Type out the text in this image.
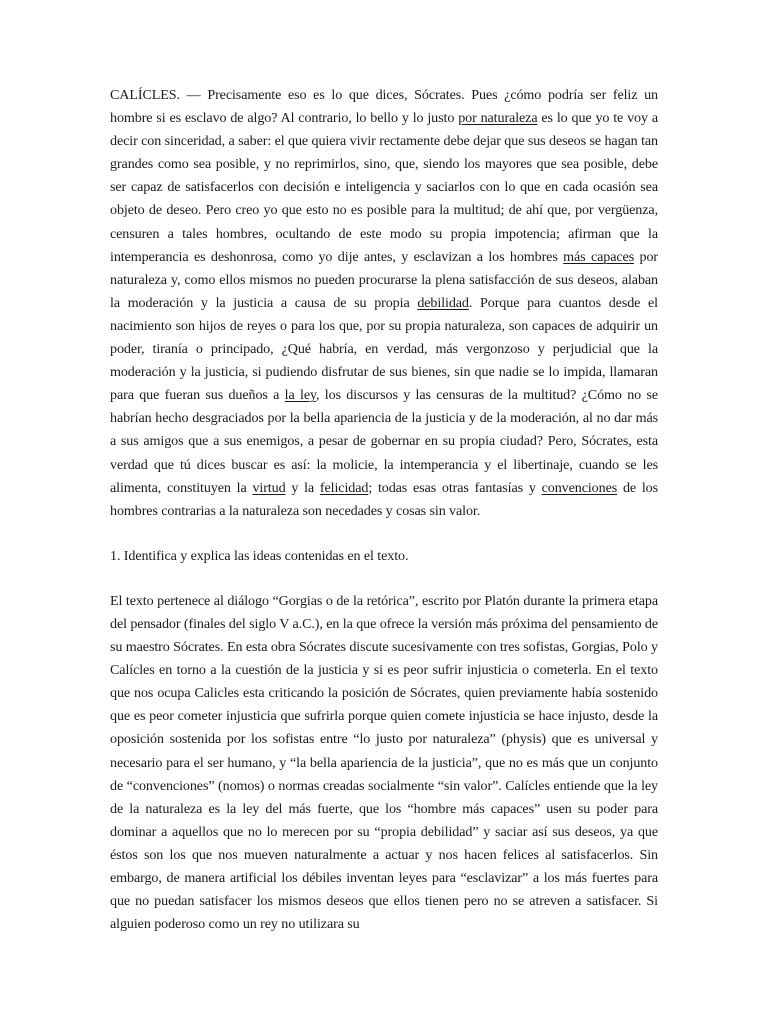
CALÍCLES. — Precisamente eso es lo que dices, Sócrates. Pues ¿cómo podría ser feliz un hombre si es esclavo de algo? Al contrario, lo bello y lo justo por naturaleza es lo que yo te voy a decir con sinceridad, a saber: el que quiera vivir rectamente debe dejar que sus deseos se hagan tan grandes como sea posible, y no reprimirlos, sino, que, siendo los mayores que sea posible, debe ser capaz de satisfacerlos con decisión e inteligencia y saciarlos con lo que en cada ocasión sea objeto de deseo. Pero creo yo que esto no es posible para la multitud; de ahí que, por vergüenza, censuren a tales hombres, ocultando de este modo su propia impotencia; afirman que la intemperancia es deshonrosa, como yo dije antes, y esclavizan a los hombres más capaces por naturaleza y, como ellos mismos no pueden procurarse la plena satisfacción de sus deseos, alaban la moderación y la justicia a causa de su propia debilidad. Porque para cuantos desde el nacimiento son hijos de reyes o para los que, por su propia naturaleza, son capaces de adquirir un poder, tiranía o principado, ¿Qué habría, en verdad, más vergonzoso y perjudicial que la moderación y la justicia, si pudiendo disfrutar de sus bienes, sin que nadie se lo impida, llamaran para que fueran sus dueños a la ley, los discursos y las censuras de la multitud? ¿Cómo no se habrían hecho desgraciados por la bella apariencia de la justicia y de la moderación, al no dar más a sus amigos que a sus enemigos, a pesar de gobernar en su propia ciudad? Pero, Sócrates, esta verdad que tú dices buscar es así: la molicie, la intemperancia y el libertinaje, cuando se les alimenta, constituyen la virtud y la felicidad; todas esas otras fantasías y convenciones de los hombres contrarias a la naturaleza son necedades y cosas sin valor.

1. Identifica y explica las ideas contenidas en el texto.

El texto pertenece al diálogo “Gorgias o de la retórica”, escrito por Platón durante la primera etapa del pensador (finales del siglo V a.C.), en la que ofrece la versión más próxima del pensamiento de su maestro Sócrates. En esta obra Sócrates discute sucesivamente con tres sofistas, Gorgias, Polo y Calícles en torno a la cuestión de la justicia y si es peor sufrir injusticia o cometerla. En el texto que nos ocupa Calicles esta criticando la posición de Sócrates, quien previamente había sostenido que es peor cometer injusticia que sufrirla porque quien comete injusticia se hace injusto, desde la oposición sostenida por los sofistas entre “lo justo por naturaleza” (physis) que es universal y necesario para el ser humano, y “la bella apariencia de la justicia”, que no es más que un conjunto de “convenciones” (nomos) o normas creadas socialmente “sin valor”. Calícles entiende que la ley de la naturaleza es la ley del más fuerte, que los “hombre más capaces” usen su poder para dominar a aquellos que no lo merecen por su “propia debilidad” y saciar así sus deseos, ya que éstos son los que nos mueven naturalmente a actuar y nos hacen felices al satisfacerlos. Sin embargo, de manera artificial los débiles inventan leyes para “esclavizar” a los más fuertes para que no puedan satisfacer los mismos deseos que ellos tienen pero no se atreven a satisfacer. Si alguien poderoso como un rey no utilizara su
